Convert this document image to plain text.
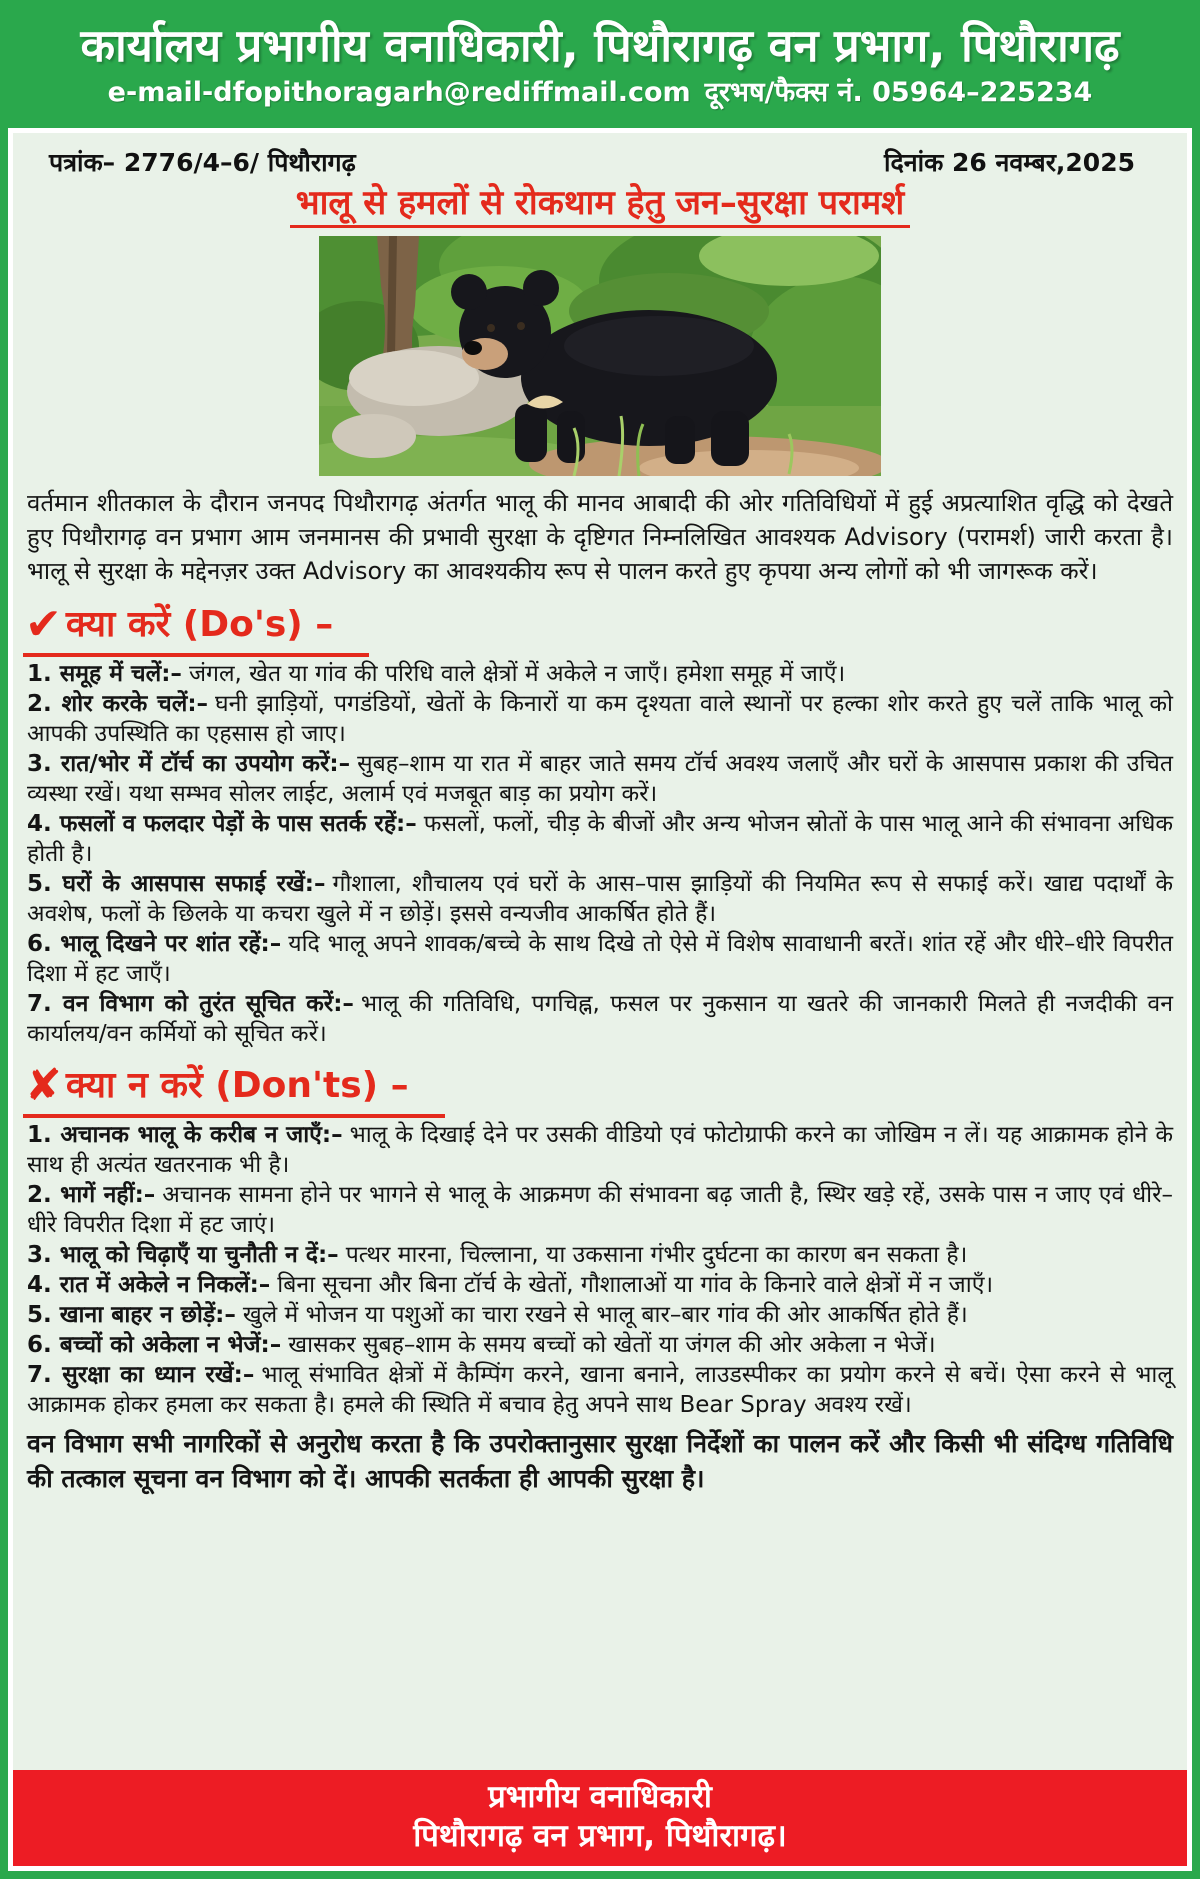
कार्यालय प्रभागीय वनाधिकारी, पिथौरागढ़ वन प्रभाग, पिथौरागढ़
e-mail-dfopithoragarh@rediffmail.com दूरभष/फैक्स नं. 05964–225234
पत्रांक– 2776/4–6/ पिथौरागढ़	दिनांक 26 नवम्बर,2025
भालू से हमलों से रोकथाम हेतु जन–सुरक्षा परामर्श

वर्तमान शीतकाल के दौरान जनपद पिथौरागढ़ अंतर्गत भालू की मानव आबादी की ओर गतिविधियों में हुई अप्रत्याशित वृद्धि को देखते हुए पिथौरागढ़ वन प्रभाग आम जनमानस की प्रभावी सुरक्षा के दृष्टिगत निम्नलिखित आवश्यक Advisory (परामर्श) जारी करता है। भालू से सुरक्षा के मद्देनज़र उक्त Advisory का आवश्यकीय रूप से पालन करते हुए कृपया अन्य लोगों को भी जागरूक करें।

✔ क्या करें (Do's) –

1. समूह में चलें:– जंगल, खेत या गांव की परिधि वाले क्षेत्रों में अकेले न जाएँ। हमेशा समूह में जाएँ।

2. शोर करके चलें:– घनी झाड़ियों, पगडंडियों, खेतों के किनारों या कम दृश्यता वाले स्थानों पर हल्का शोर करते हुए चलें ताकि भालू को आपकी उपस्थिति का एहसास हो जाए।

3. रात/भोर में टॉर्च का उपयोग करें:– सुबह–शाम या रात में बाहर जाते समय टॉर्च अवश्य जलाएँ और घरों के आसपास प्रकाश की उचित व्यस्था रखें। यथा सम्भव सोलर लाईट, अलार्म एवं मजबूत बाड़ का प्रयोग करें।

4. फसलों व फलदार पेड़ों के पास सतर्क रहें:– फसलों, फलों, चीड़ के बीजों और अन्य भोजन स्रोतों के पास भालू आने की संभावना अधिक होती है।

5. घरों के आसपास सफाई रखें:– गौशाला, शौचालय एवं घरों के आस–पास झाड़ियों की नियमित रूप से सफाई करें। खाद्य पदार्थों के अवशेष, फलों के छिलके या कचरा खुले में न छोड़ें। इससे वन्यजीव आकर्षित होते हैं।

6. भालू दिखने पर शांत रहें:– यदि भालू अपने शावक/बच्चे के साथ दिखे तो ऐसे में विशेष सावाधानी बरतें। शांत रहें और धीरे–धीरे विपरीत दिशा में हट जाएँ।

7. वन विभाग को तुरंत सूचित करें:– भालू की गतिविधि, पगचिह्न, फसल पर नुकसान या खतरे की जानकारी मिलते ही नजदीकी वन कार्यालय/वन कर्मियों को सूचित करें।

✘ क्या न करें (Don'ts) –

1. अचानक भालू के करीब न जाएँ:– भालू के दिखाई देने पर उसकी वीडियो एवं फोटोग्राफी करने का जोखिम न लें। यह आक्रामक होने के साथ ही अत्यंत खतरनाक भी है।

2. भागें नहीं:– अचानक सामना होने पर भागने से भालू के आक्रमण की संभावना बढ़ जाती है, स्थिर खड़े रहें, उसके पास न जाए एवं धीरे–धीरे विपरीत दिशा में हट जाएं।

3. भालू को चिढ़ाएँ या चुनौती न दें:– पत्थर मारना, चिल्लाना, या उकसाना गंभीर दुर्घटना का कारण बन सकता है।

4. रात में अकेले न निकलें:– बिना सूचना और बिना टॉर्च के खेतों, गौशालाओं या गांव के किनारे वाले क्षेत्रों में न जाएँ।

5. खाना बाहर न छोड़ें:– खुले में भोजन या पशुओं का चारा रखने से भालू बार–बार गांव की ओर आकर्षित होते हैं।

6. बच्चों को अकेला न भेजें:– खासकर सुबह–शाम के समय बच्चों को खेतों या जंगल की ओर अकेला न भेजें।

7. सुरक्षा का ध्यान रखें:– भालू संभावित क्षेत्रों में कैम्पिंग करने, खाना बनाने, लाउडस्पीकर का प्रयोग करने से बचें। ऐसा करने से भालू आक्रामक होकर हमला कर सकता है। हमले की स्थिति में बचाव हेतु अपने साथ Bear Spray अवश्य रखें।

वन विभाग सभी नागरिकों से अनुरोध करता है कि उपरोक्तानुसार सुरक्षा निर्देशों का पालन करें और किसी भी संदिग्ध गतिविधि की तत्काल सूचना वन विभाग को दें। आपकी सतर्कता ही आपकी सुरक्षा है।

प्रभागीय वनाधिकारी
पिथौरागढ़ वन प्रभाग, पिथौरागढ़।
